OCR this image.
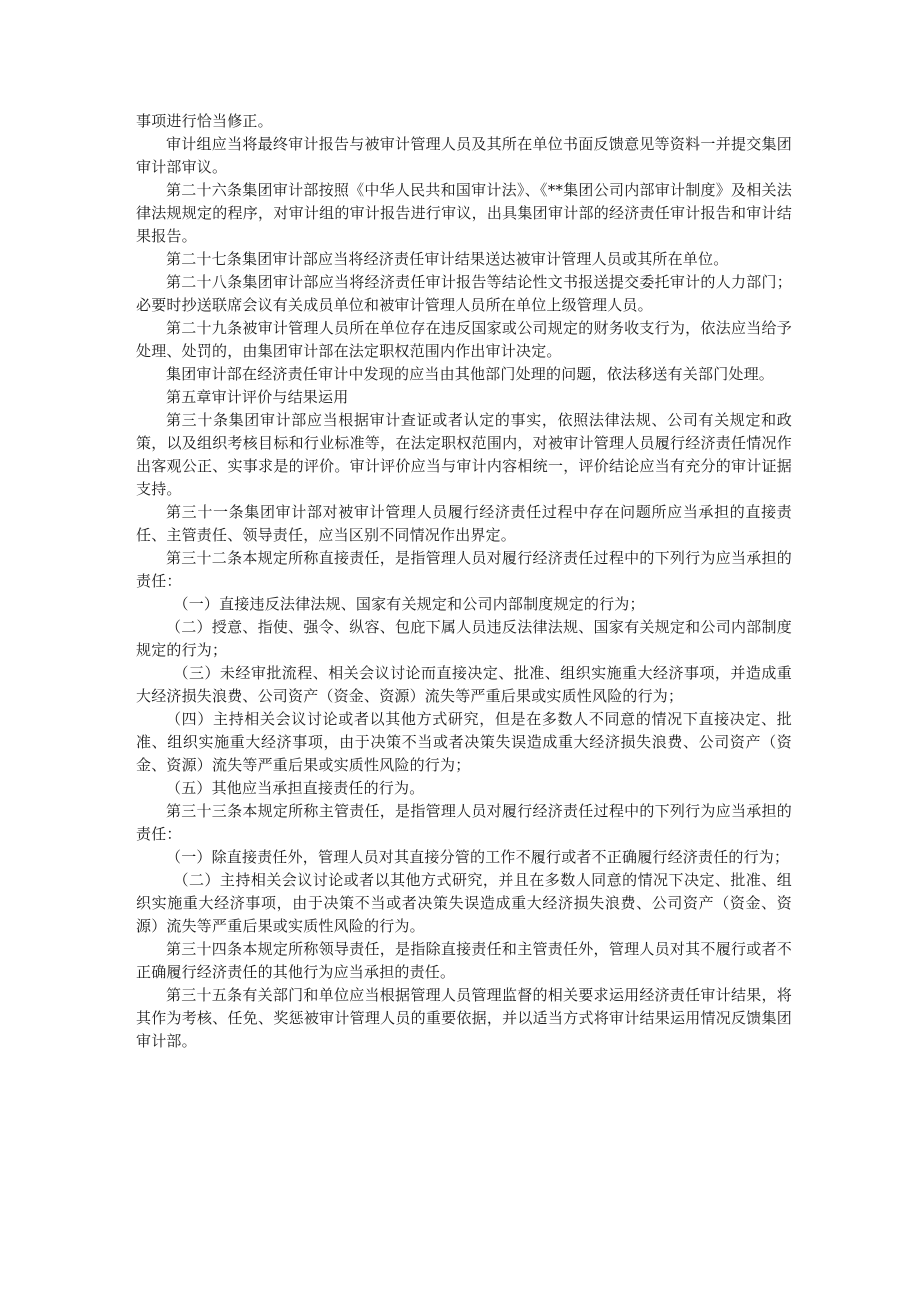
事项进行恰当修正。

审计组应当将最终审计报告与被审计管理人员及其所在单位书面反馈意见等资料一并提交集团审计部审议。

第二十六条集团审计部按照《中华人民共和国审计法》、《**集团公司内部审计制度》及相关法律法规规定的程序，对审计组的审计报告进行审议，出具集团审计部的经济责任审计报告和审计结果报告。

第二十七条集团审计部应当将经济责任审计结果送达被审计管理人员或其所在单位。

第二十八条集团审计部应当将经济责任审计报告等结论性文书报送提交委托审计的人力部门；必要时抄送联席会议有关成员单位和被审计管理人员所在单位上级管理人员。

第二十九条被审计管理人员所在单位存在违反国家或公司规定的财务收支行为，依法应当给予处理、处罚的，由集团审计部在法定职权范围内作出审计决定。

集团审计部在经济责任审计中发现的应当由其他部门处理的问题，依法移送有关部门处理。

第五章审计评价与结果运用

第三十条集团审计部应当根据审计查证或者认定的事实，依照法律法规、公司有关规定和政策，以及组织考核目标和行业标准等，在法定职权范围内，对被审计管理人员履行经济责任情况作出客观公正、实事求是的评价。审计评价应当与审计内容相统一，评价结论应当有充分的审计证据支持。

第三十一条集团审计部对被审计管理人员履行经济责任过程中存在问题所应当承担的直接责任、主管责任、领导责任，应当区别不同情况作出界定。

第三十二条本规定所称直接责任，是指管理人员对履行经济责任过程中的下列行为应当承担的责任：

（一）直接违反法律法规、国家有关规定和公司内部制度规定的行为；

（二）授意、指使、强令、纵容、包庇下属人员违反法律法规、国家有关规定和公司内部制度规定的行为；

（三）未经审批流程、相关会议讨论而直接决定、批准、组织实施重大经济事项，并造成重大经济损失浪费、公司资产（资金、资源）流失等严重后果或实质性风险的行为；

（四）主持相关会议讨论或者以其他方式研究，但是在多数人不同意的情况下直接决定、批准、组织实施重大经济事项，由于决策不当或者决策失误造成重大经济损失浪费、公司资产（资金、资源）流失等严重后果或实质性风险的行为；

（五）其他应当承担直接责任的行为。

第三十三条本规定所称主管责任，是指管理人员对履行经济责任过程中的下列行为应当承担的责任：

（一）除直接责任外，管理人员对其直接分管的工作不履行或者不正确履行经济责任的行为；

（二）主持相关会议讨论或者以其他方式研究，并且在多数人同意的情况下决定、批准、组织实施重大经济事项，由于决策不当或者决策失误造成重大经济损失浪费、公司资产（资金、资源）流失等严重后果或实质性风险的行为。

第三十四条本规定所称领导责任，是指除直接责任和主管责任外，管理人员对其不履行或者不正确履行经济责任的其他行为应当承担的责任。

第三十五条有关部门和单位应当根据管理人员管理监督的相关要求运用经济责任审计结果，将其作为考核、任免、奖惩被审计管理人员的重要依据，并以适当方式将审计结果运用情况反馈集团审计部。
